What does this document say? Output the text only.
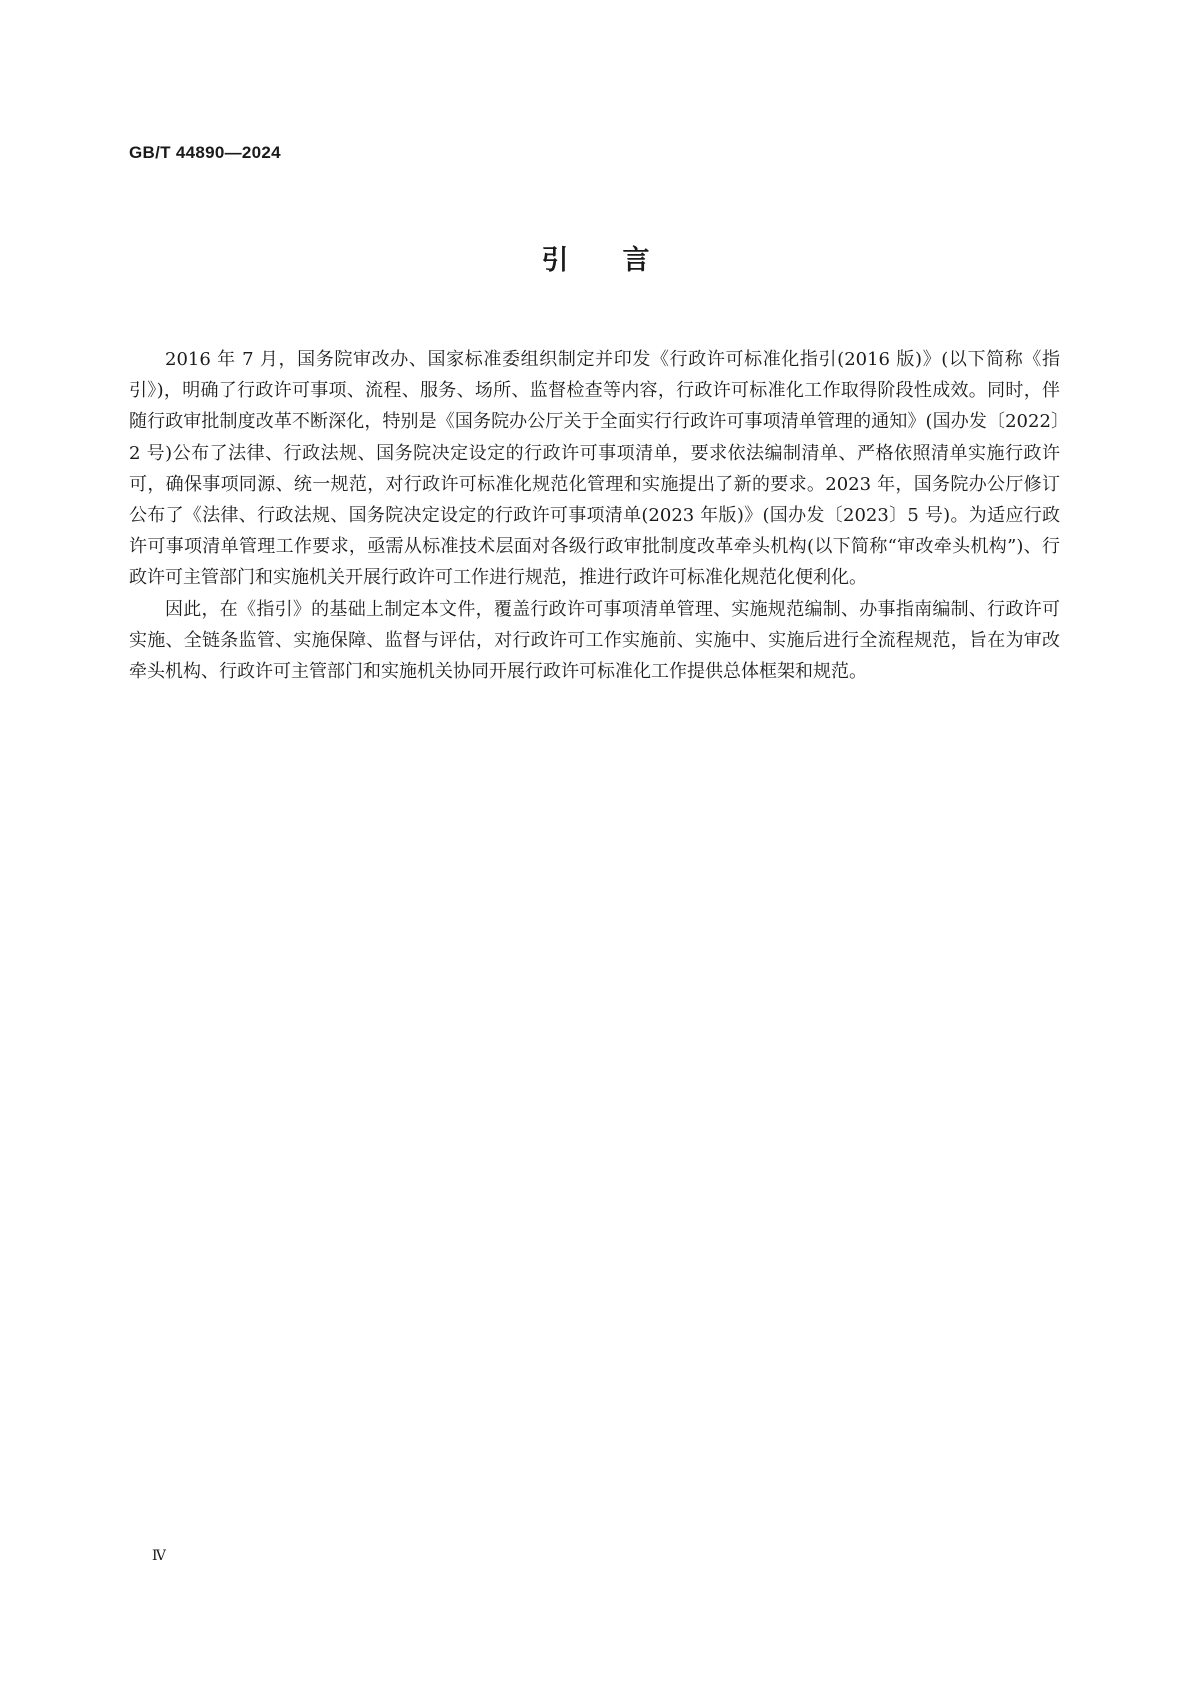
GB/T 44890—2024
引言

2016 年 7 月，国务院审改办、国家标准委组织制定并印发《行政许可标准化指引(2016 版)》(以下简称《指引》)，明确了行政许可事项、流程、服务、场所、监督检查等内容，行政许可标准化工作取得阶段性成效。同时，伴随行政审批制度改革不断深化，特别是《国务院办公厅关于全面实行行政许可事项清单管理的通知》(国办发〔2022〕2 号)公布了法律、行政法规、国务院决定设定的行政许可事项清单，要求依法编制清单、严格依照清单实施行政许可，确保事项同源、统一规范，对行政许可标准化规范化管理和实施提出了新的要求。2023 年，国务院办公厅修订公布了《法律、行政法规、国务院决定设定的行政许可事项清单(2023 年版)》(国办发〔2023〕5 号)。为适应行政许可事项清单管理工作要求，亟需从标准技术层面对各级行政审批制度改革牵头机构(以下简称“审改牵头机构”)、行政许可主管部门和实施机关开展行政许可工作进行规范，推进行政许可标准化规范化便利化。

因此，在《指引》的基础上制定本文件，覆盖行政许可事项清单管理、实施规范编制、办事指南编制、行政许可实施、全链条监管、实施保障、监督与评估，对行政许可工作实施前、实施中、实施后进行全流程规范，旨在为审改牵头机构、行政许可主管部门和实施机关协同开展行政许可标准化工作提供总体框架和规范。

Ⅳ
